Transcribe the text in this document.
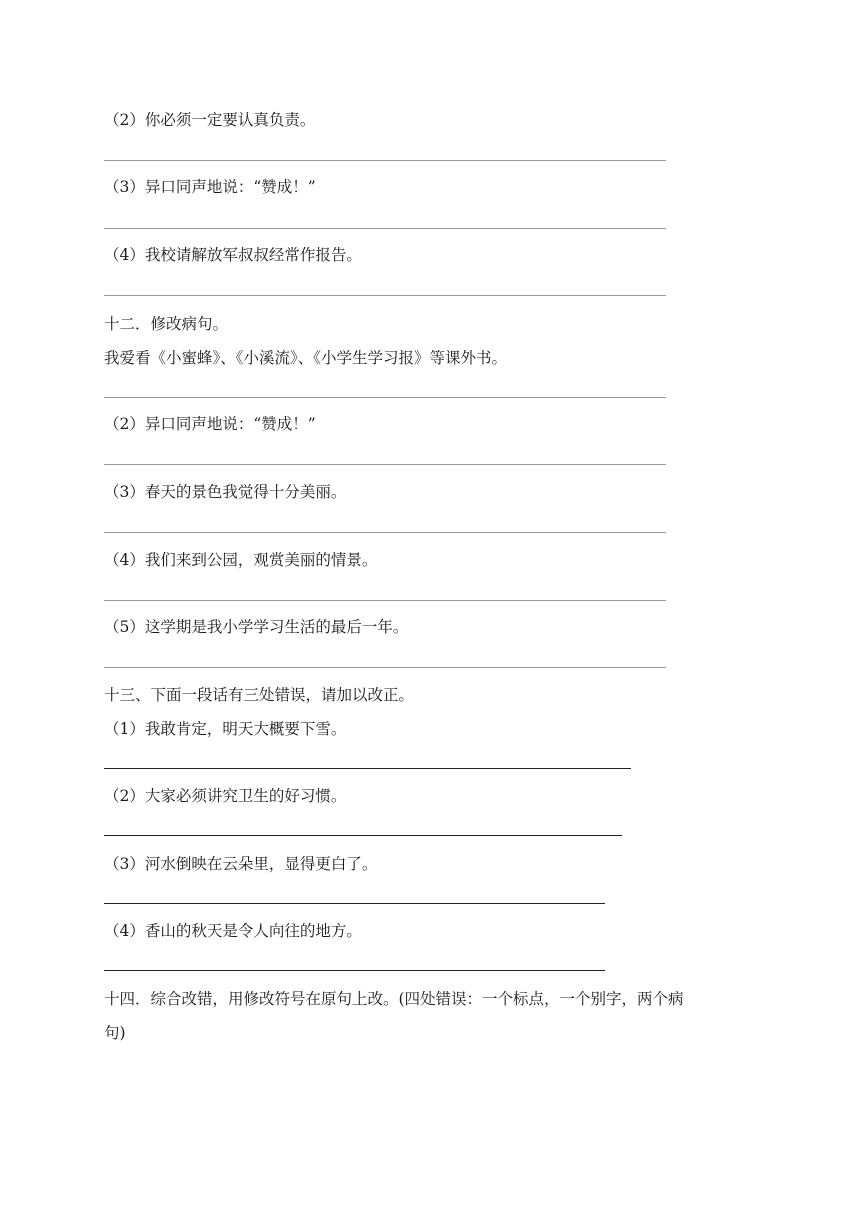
（2）你必须一定要认真负责。
（3）异口同声地说：“赞成！”
（4）我校请解放军叔叔经常作报告。
十二．修改病句。
我爱看《小蜜蜂》、《小溪流》、《小学生学习报》等课外书。
（2）异口同声地说：“赞成！”
（3）春天的景色我觉得十分美丽。
（4）我们来到公园，观赏美丽的情景。
（5）这学期是我小学学习生活的最后一年。
十三、下面一段话有三处错误，请加以改正。
（1）我敢肯定，明天大概要下雪。
（2）大家必须讲究卫生的好习惯。
（3）河水倒映在云朵里，显得更白了。
（4）香山的秋天是令人向往的地方。
十四．综合改错，用修改符号在原句上改。(四处错误：一个标点，一个别字，两个病
句)
